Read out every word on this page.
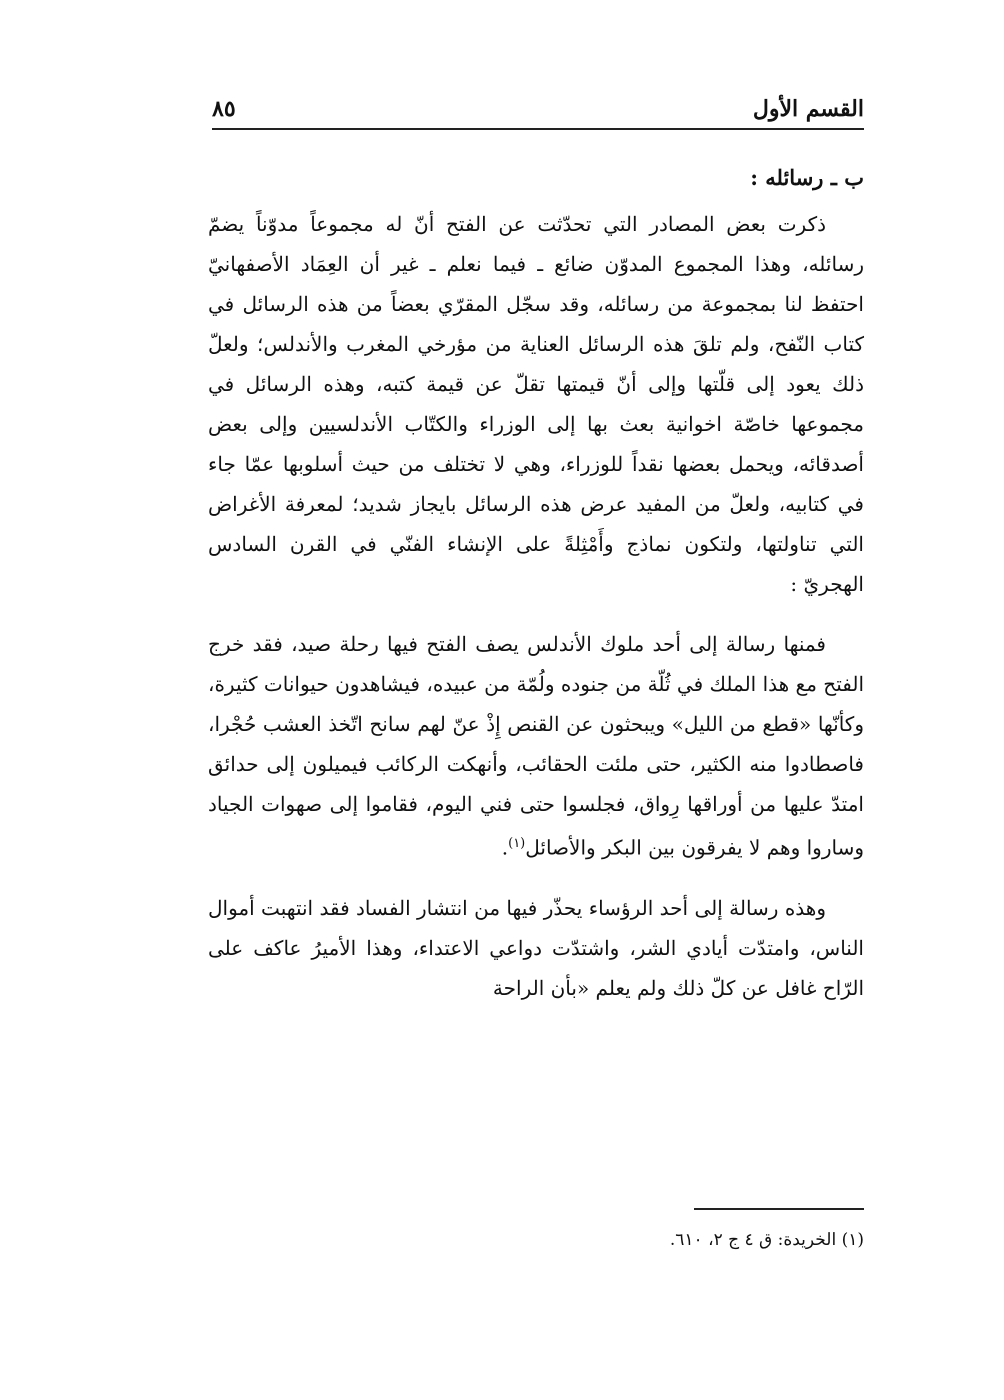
القسم الأول
٨٥

ب ـ رسائله :

ذكرت بعض المصادر التي تحدّثت عن الفتح أنّ له مجموعاً مدوّناً يضمّ رسائله، وهذا المجموع المدوّن ضائع ـ فيما نعلم ـ غير أن العِمَاد الأصفهانيّ احتفظ لنا بمجموعة من رسائله، وقد سجّل المقرّي بعضاً من هذه الرسائل في كتاب النّفح، ولم تلقَ هذه الرسائل العناية من مؤرخي المغرب والأندلس؛ ولعلّ ذلك يعود إلى قلّتها وإلى أنّ قيمتها تقلّ عن قيمة كتبه، وهذه الرسائل في مجموعها خاصّة اخوانية بعث بها إلى الوزراء والكتّاب الأندلسيين وإلى بعض أصدقائه، ويحمل بعضها نقداً للوزراء، وهي لا تختلف من حيث أسلوبها عمّا جاء في كتابيه، ولعلّ من المفيد عرض هذه الرسائل بايجاز شديد؛ لمعرفة الأغراض التي تناولتها، ولتكون نماذج وأَمْثِلةً على الإنشاء الفنّي في القرن السادس الهجريّ :

فمنها رسالة إلى أحد ملوك الأندلس يصف الفتح فيها رحلة صيد، فقد خرج الفتح مع هذا الملك في ثُلّة من جنوده ولُمّة من عبيده، فيشاهدون حيوانات كثيرة، وكأنّها «قطع من الليل» ويبحثون عن القنص إِذْ عنّ لهم سانح اتّخذ العشب حُجْرا، فاصطادوا منه الكثير، حتى ملئت الحقائب، وأنهكت الركائب فيميلون إلى حدائق امتدّ عليها من أوراقها رِواق، فجلسوا حتى فني اليوم، فقاموا إلى صهوات الجياد وساروا وهم لا يفرقون بين البكر والأصائل$^{(١)}$.

وهذه رسالة إلى أحد الرؤساء يحذّر فيها من انتشار الفساد فقد انتهبت أموال الناس، وامتدّت أيادي الشر، واشتدّت دواعي الاعتداء، وهذا الأميرُ عاكف على الرّاح غافل عن كلّ ذلك ولم يعلم «بأن الراحة

(١) الخريدة: ق ٤ ج ٢، ٦١٠.
